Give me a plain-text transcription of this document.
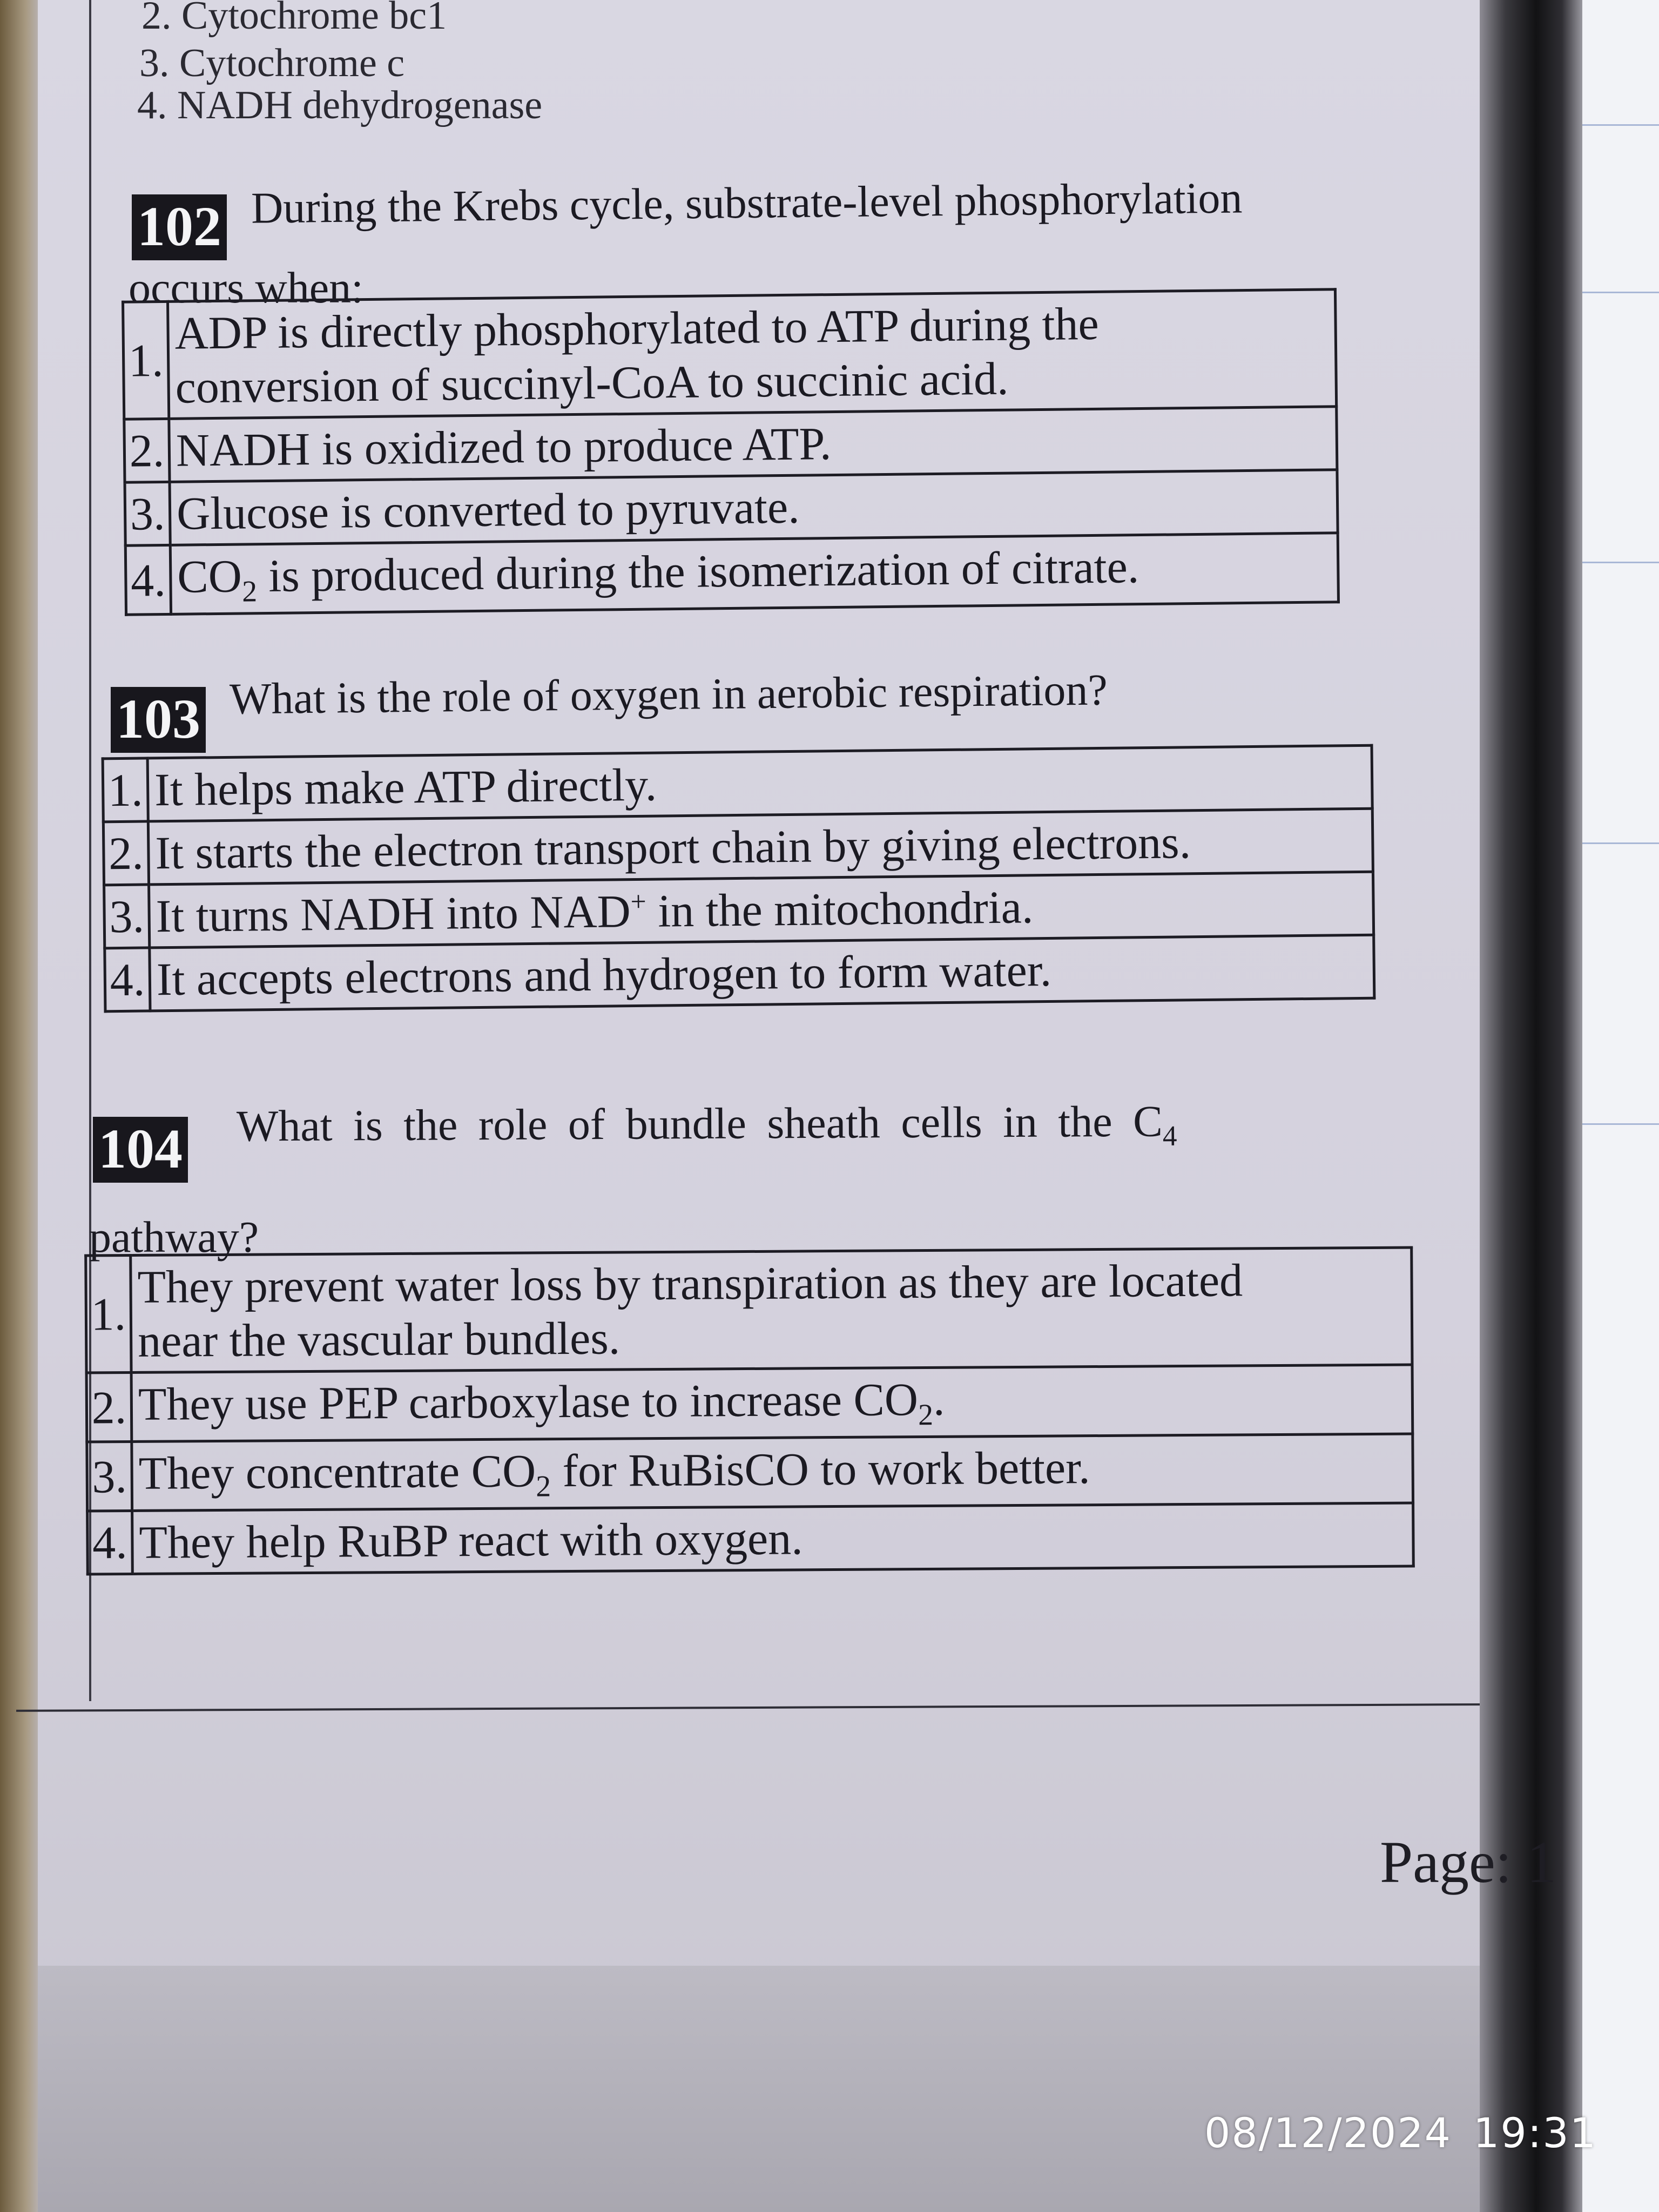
2. Cytochrome bc1
3. Cytochrome c
4. NADH dehydrogenase
102 During the Krebs cycle, substrate-level phosphorylation
occurs when:
1.	ADP is directly phosphorylated to ATP during the
conversion of succinyl-CoA to succinic acid.
2.	NADH is oxidized to produce ATP.
3.	Glucose is converted to pyruvate.
4.	$CO_2$ is produced during the isomerization of citrate.
103 What is the role of oxygen in aerobic respiration?
1.	It helps make ATP directly.
2.	It starts the electron transport chain by giving electrons.
3.	It turns NADH into NAD+ in the mitochondria.
4.	It accepts electrons and hydrogen to form water.
104 What is the role of bundle sheath cells in the $C_4$
pathway?
1.	They prevent water loss by transpiration as they are located
near the vascular bundles.
2.	They use PEP carboxylase to increase $CO_2$.
3.	They concentrate $CO_2$ for RuBisCO to work better.
4.	They help RuBP react with oxygen.
Page: 1
08/12/2024 19:31
